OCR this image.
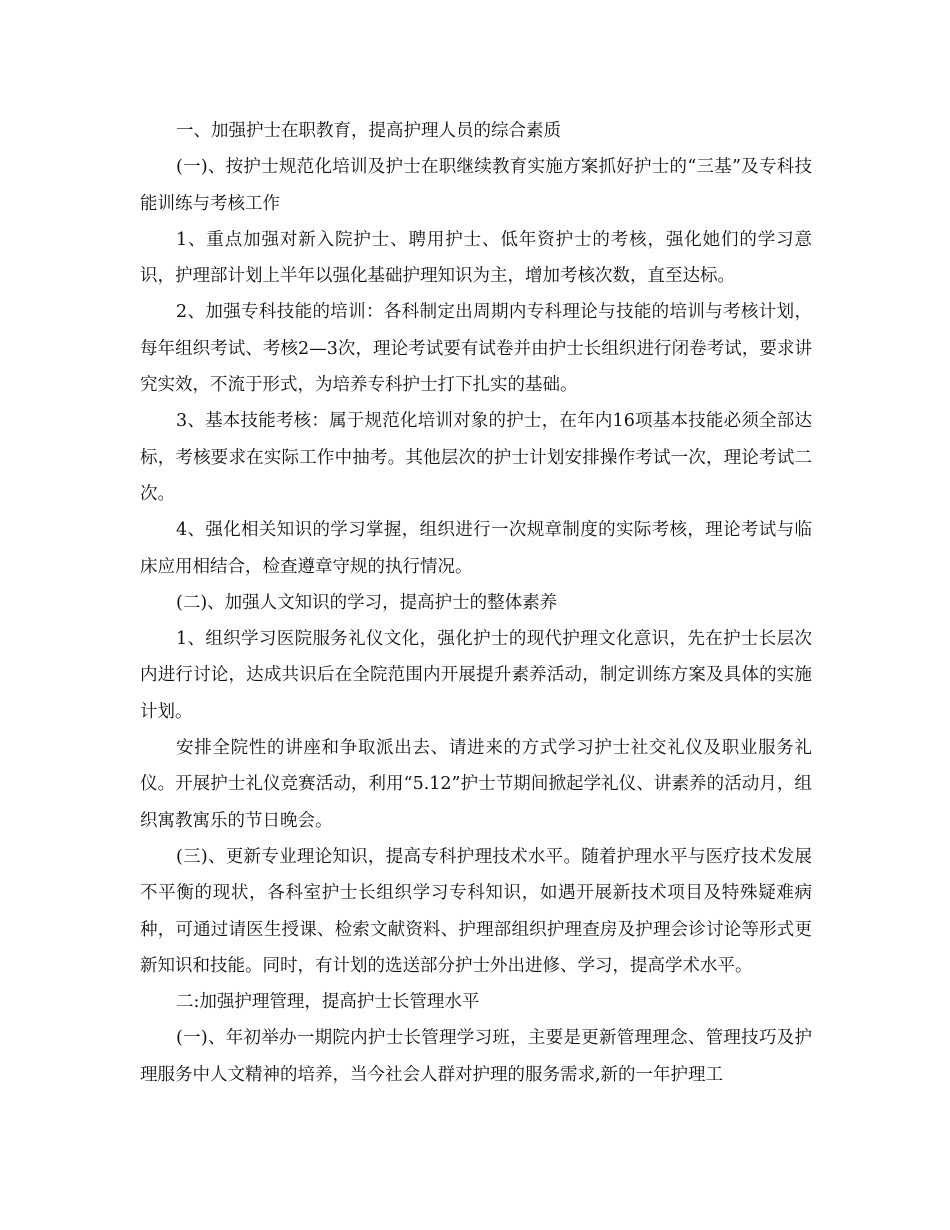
一、加强护士在职教育，提高护理人员的综合素质

(一)、按护士规范化培训及护士在职继续教育实施方案抓好护士的“三基”及专科技能训练与考核工作

1、重点加强对新入院护士、聘用护士、低年资护士的考核，强化她们的学习意识，护理部计划上半年以强化基础护理知识为主，增加考核次数，直至达标。

2、加强专科技能的培训：各科制定出周期内专科理论与技能的培训与考核计划，每年组织考试、考核2—3次，理论考试要有试卷并由护士长组织进行闭卷考试，要求讲究实效，不流于形式，为培养专科护士打下扎实的基础。

3、基本技能考核：属于规范化培训对象的护士，在年内16项基本技能必须全部达标，考核要求在实际工作中抽考。其他层次的护士计划安排操作考试一次，理论考试二次。

4、强化相关知识的学习掌握，组织进行一次规章制度的实际考核，理论考试与临床应用相结合，检查遵章守规的执行情况。

(二)、加强人文知识的学习，提高护士的整体素养

1、组织学习医院服务礼仪文化，强化护士的现代护理文化意识，先在护士长层次内进行讨论，达成共识后在全院范围内开展提升素养活动，制定训练方案及具体的实施计划。

安排全院性的讲座和争取派出去、请进来的方式学习护士社交礼仪及职业服务礼仪。开展护士礼仪竞赛活动，利用“5.12”护士节期间掀起学礼仪、讲素养的活动月，组织寓教寓乐的节日晚会。

(三)、更新专业理论知识，提高专科护理技术水平。随着护理水平与医疗技术发展不平衡的现状，各科室护士长组织学习专科知识，如遇开展新技术项目及特殊疑难病种，可通过请医生授课、检索文献资料、护理部组织护理查房及护理会诊讨论等形式更新知识和技能。同时，有计划的选送部分护士外出进修、学习，提高学术水平。

二:加强护理管理，提高护士长管理水平

(一)、年初举办一期院内护士长管理学习班，主要是更新管理理念、管理技巧及护理服务中人文精神的培养，当今社会人群对护理的服务需求,新的一年护理工
